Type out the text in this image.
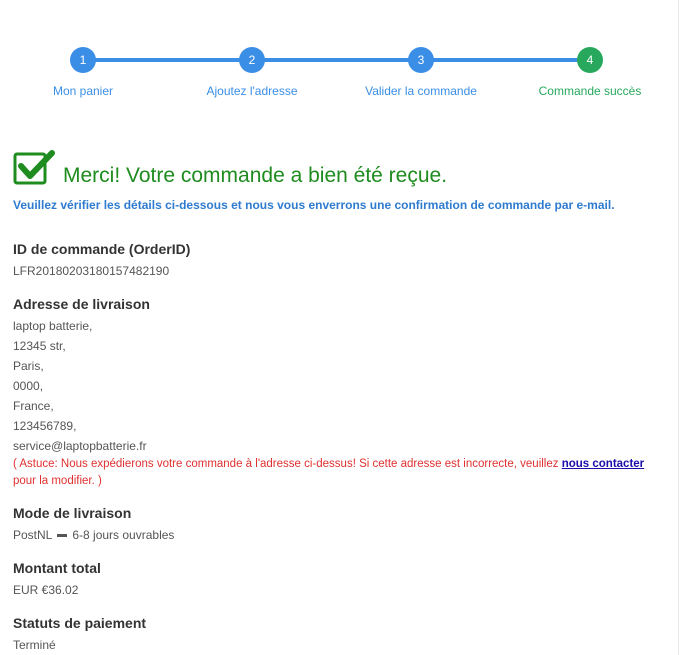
1	2	3	4
Mon panier	Ajoutez l'adresse	Valider la commande	Commande succès
Merci! Votre commande a bien été reçue.
Veuillez vérifier les détails ci-dessous et nous vous enverrons une confirmation de commande par e-mail.
ID de commande (OrderID)
LFR20180203180157482190
Adresse de livraison
laptop batterie,
12345 str,
Paris,
0000,
France,
123456789,
service@laptopbatterie.fr
( Astuce: Nous expédierons votre commande à l'adresse ci-dessus! Si cette adresse est incorrecte, veuillez nous contacter pour la modifier. )
Mode de livraison
PostNL 6-8 jours ouvrables
Montant total
EUR €36.02
Statuts de paiement
Terminé
